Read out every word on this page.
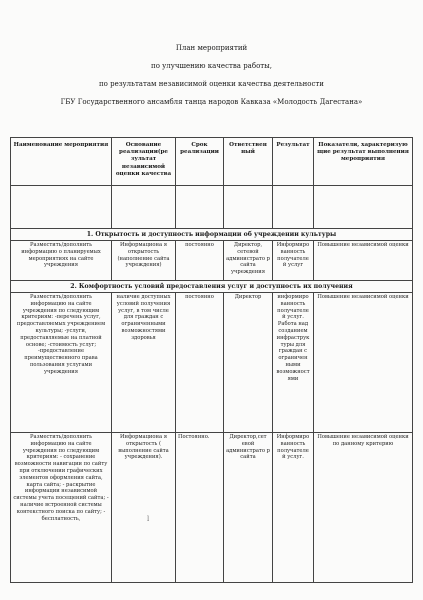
План мероприятий
по улучшению качества работы,
по результатам независимой оценки качества деятельности
ГБУ Государственного ансамбля танца народов Кавказа «Молодость Дагестана»
Наименование мероприятия	Основание реализации(ре зультат независимой оценки качества	Срок реализации	Ответствен ный	Результат	Показатели, характеризую щие результат выполнения мероприятия

1. Открытость и доступность информации об учреждении культуры					
Разместить/дополнить информацию о планируемых мероприятиях на сайте учреждения	Информациона я открытость (наполнение сайта учреждения)	постоянно	Директор, сетевой администрато р сайта учреждения	Информиро ванность получателе й услуг	Повышение независимой оценки
2. Комфортность условий предоставления услуг и доступность их получения					
Разместить/дополнить информацию на сайте учреждения по следующим критериям: -перечень услуг, предоставляемых учреждением культуры; -услуги, предоставляемые на платной основе; -стоимость услуг; -предоставление преимущественного права пользования услугами учреждения	наличие доступных условий получения услуг, в том числе для граждан с ограниченными возможностями здоровья	постоянно	Директор	информиро ванность получателе й услуг. Работа над созданием инфраструк туры для граждан с ограничен ными возможност ями	Повышение независимой оценки
Разместить/дополнить информацию на сайте учреждения по следующим критериям: - сохранение возможности навигации по сайту при отключении графических элементов оформления сайта, карта сайта; - раскрытие информации независимой системы учета посещений сайта; - наличие встроенной системы контекстного поиска по сайту; - бесплатность,	Информациона я открытость ( выполнение сайта учреждения).	Постоянно.	Директор,сет евой администрато р сайта	Информиро ванность получателе й услуг.	Повышение независимой оценки по данному критерию
l
